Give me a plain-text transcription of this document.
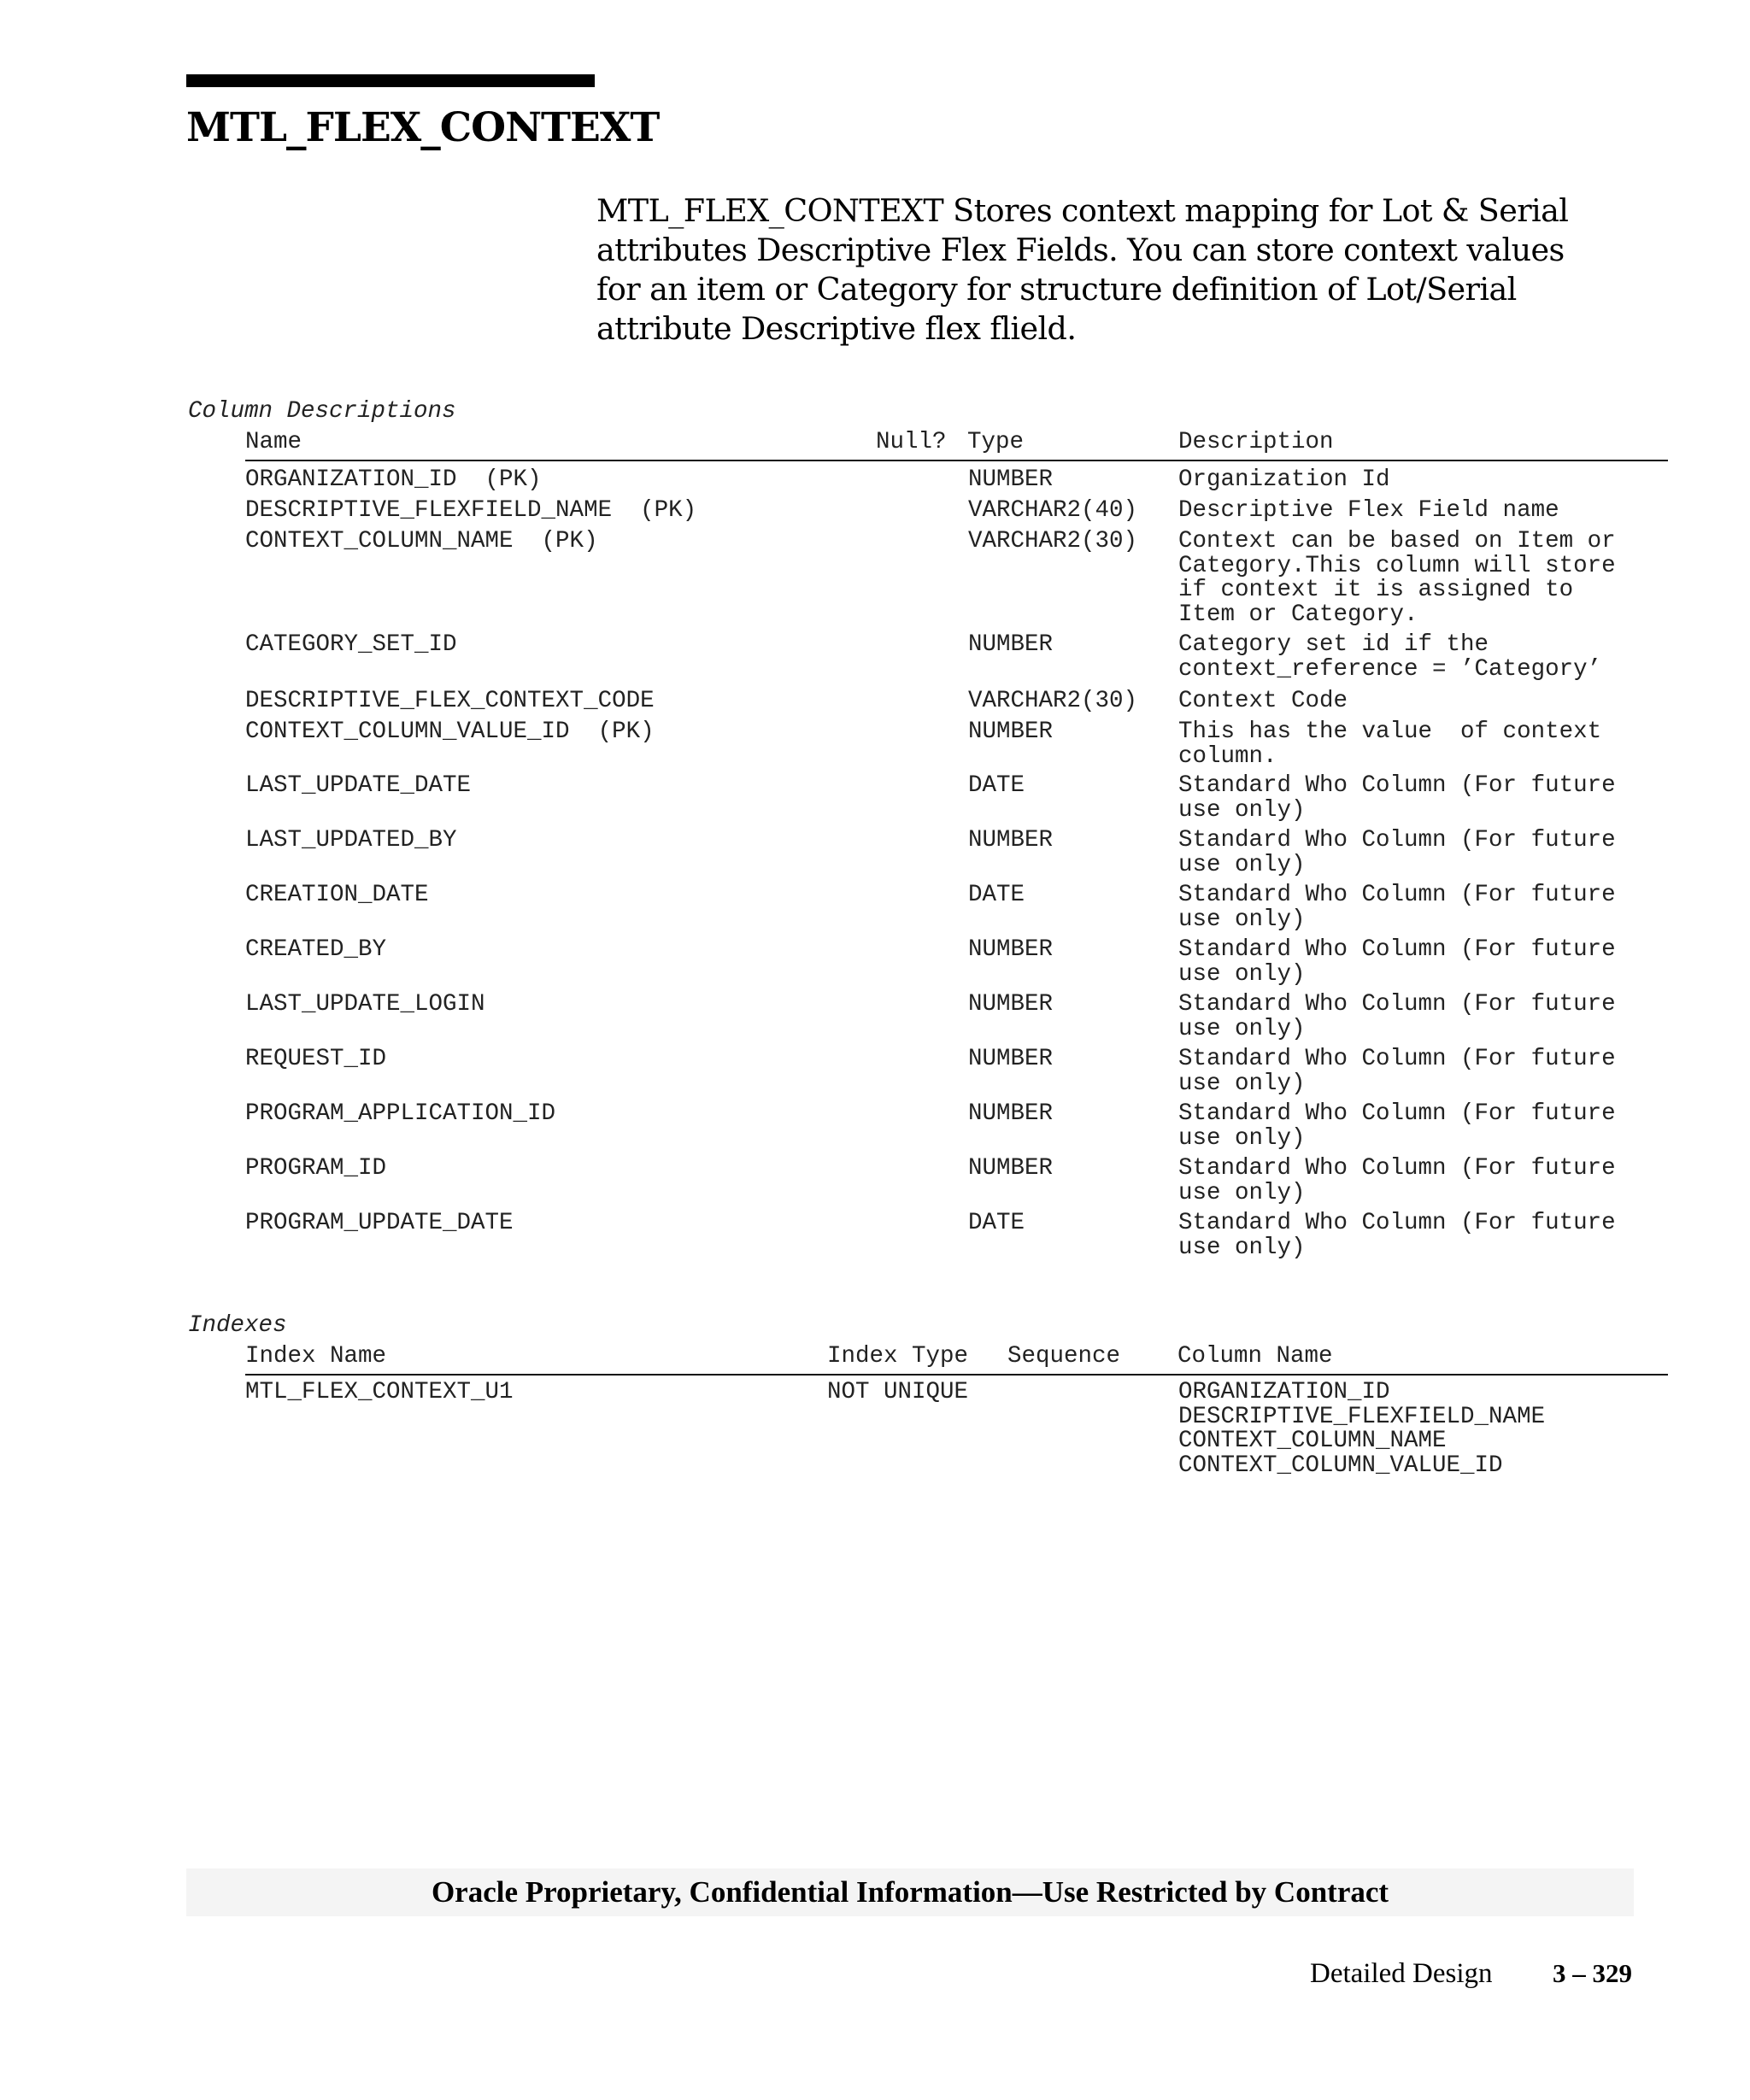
MTL_FLEX_CONTEXT
MTL_FLEX_CONTEXT Stores context mapping for Lot & Serial attributes Descriptive Flex Fields. You can store context values for an item or Category for structure definition of Lot/Serial attribute Descriptive flex flield.
Column Descriptions
Name	Null? Type	Description
ORGANIZATION_ID  (PK)	NUMBER	Organization Id
DESCRIPTIVE_FLEXFIELD_NAME  (PK)	VARCHAR2(40) Descriptive Flex Field name
CONTEXT_COLUMN_NAME  (PK)	VARCHAR2(30) Context can be based on Item or
Category.This column will store
if context it is assigned to
Item or Category.
CATEGORY_SET_ID	NUMBER	Category set id if the
context_reference = ’Category’
DESCRIPTIVE_FLEX_CONTEXT_CODE	VARCHAR2(30) Context Code
CONTEXT_COLUMN_VALUE_ID  (PK)	NUMBER	This has the value  of context
column.
LAST_UPDATE_DATE	DATE	Standard Who Column (For future
use only)
LAST_UPDATED_BY	NUMBER	Standard Who Column (For future
use only)
CREATION_DATE	DATE	Standard Who Column (For future
use only)
CREATED_BY	NUMBER	Standard Who Column (For future
use only)
LAST_UPDATE_LOGIN	NUMBER	Standard Who Column (For future
use only)
REQUEST_ID	NUMBER	Standard Who Column (For future
use only)
PROGRAM_APPLICATION_ID	NUMBER	Standard Who Column (For future
use only)
PROGRAM_ID	NUMBER	Standard Who Column (For future
use only)
PROGRAM_UPDATE_DATE	DATE	Standard Who Column (For future
use only)
Indexes
Index Name	Index Type Sequence Column Name
MTL_FLEX_CONTEXT_U1	NOT UNIQUE	ORGANIZATION_ID
DESCRIPTIVE_FLEXFIELD_NAME
CONTEXT_COLUMN_NAME
CONTEXT_COLUMN_VALUE_ID
Oracle Proprietary, Confidential Information––Use Restricted by Contract
Detailed Design 3 – 329
